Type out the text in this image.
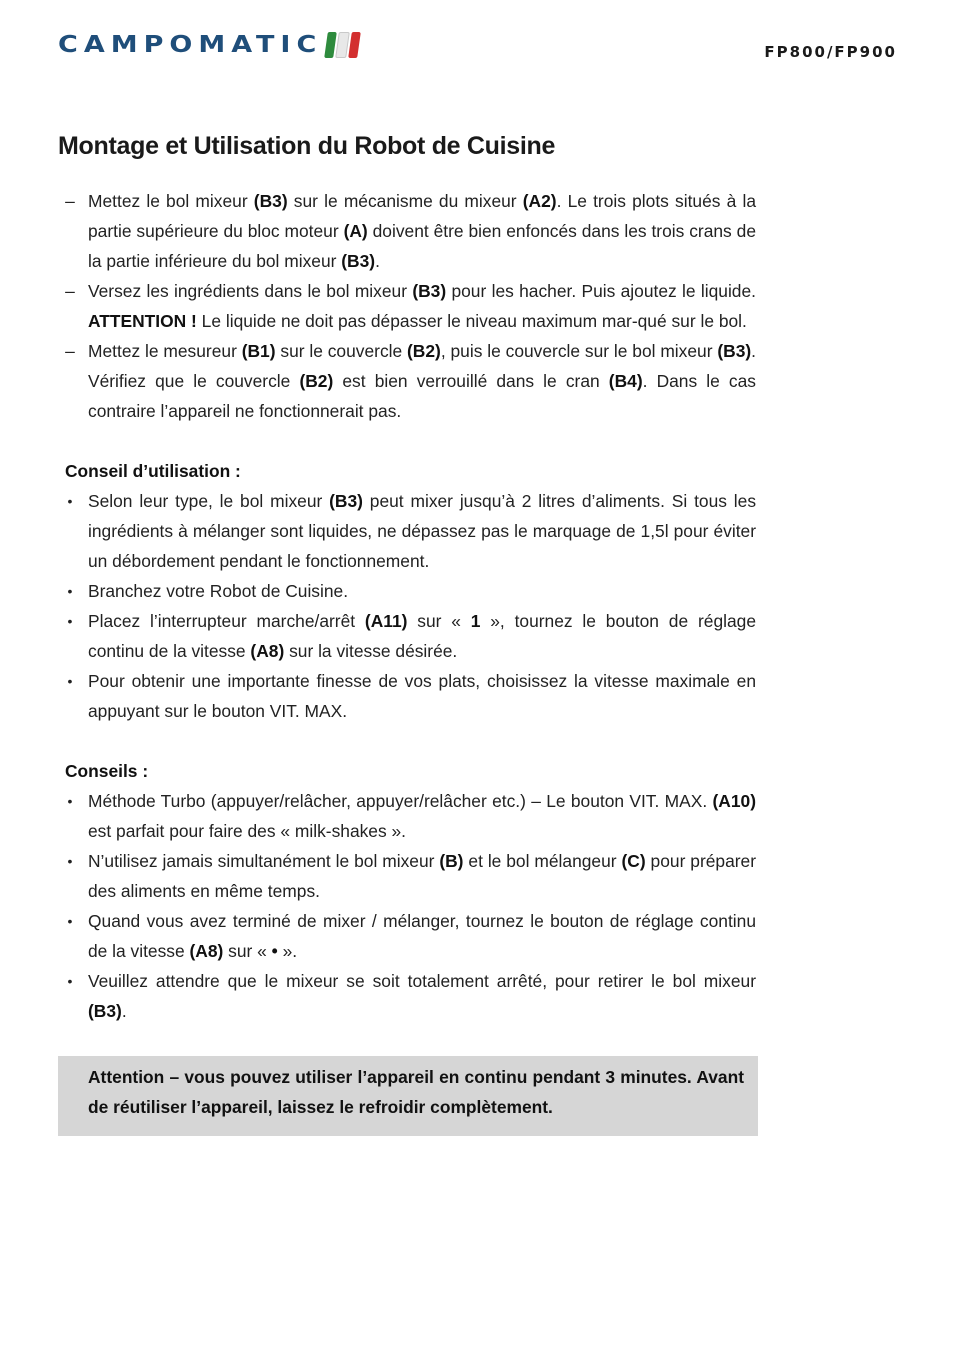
CAMPOMATIC	FP800/FP900
Montage et Utilisation du Robot de Cuisine
– Mettez le bol mixeur (B3) sur le mécanisme du mixeur (A2). Le trois plots situés à la partie supérieure du bloc moteur (A) doivent être bien enfoncés dans les trois crans de la partie inférieure du bol mixeur (B3).
– Versez les ingrédients dans le bol mixeur (B3) pour les hacher. Puis ajoutez le liquide. ATTENTION ! Le liquide ne doit pas dépasser le niveau maximum mar-qué sur le bol.
– Mettez le mesureur (B1) sur le couvercle (B2), puis le couvercle sur le bol mixeur (B3). Vérifiez que le couvercle (B2) est bien verrouillé dans le cran (B4). Dans le cas contraire l’appareil ne fonctionnerait pas.
Conseil d’utilisation :
• Selon leur type, le bol mixeur (B3) peut mixer jusqu’à 2 litres d’aliments. Si tous les ingrédients à mélanger sont liquides, ne dépassez pas le marquage de 1,5l pour éviter un débordement pendant le fonctionnement.
• Branchez votre Robot de Cuisine.
• Placez l’interrupteur marche/arrêt (A11) sur « 1 », tournez le bouton de réglage continu de la vitesse (A8) sur la vitesse désirée.
• Pour obtenir une importante finesse de vos plats, choisissez la vitesse maximale en appuyant sur le bouton VIT. MAX.
Conseils :
• Méthode Turbo (appuyer/relâcher, appuyer/relâcher etc.) – Le bouton VIT. MAX. (A10) est parfait pour faire des « milk-shakes ».
• N’utilisez jamais simultanément le bol mixeur (B) et le bol mélangeur (C) pour préparer des aliments en même temps.
• Quand vous avez terminé de mixer / mélanger, tournez le bouton de réglage continu de la vitesse (A8) sur « • ».
• Veuillez attendre que le mixeur se soit totalement arrêté, pour retirer le bol mixeur (B3).
Attention – vous pouvez utiliser l’appareil en continu pendant 3 minutes. Avant de réutiliser l’appareil, laissez le refroidir complètement.
